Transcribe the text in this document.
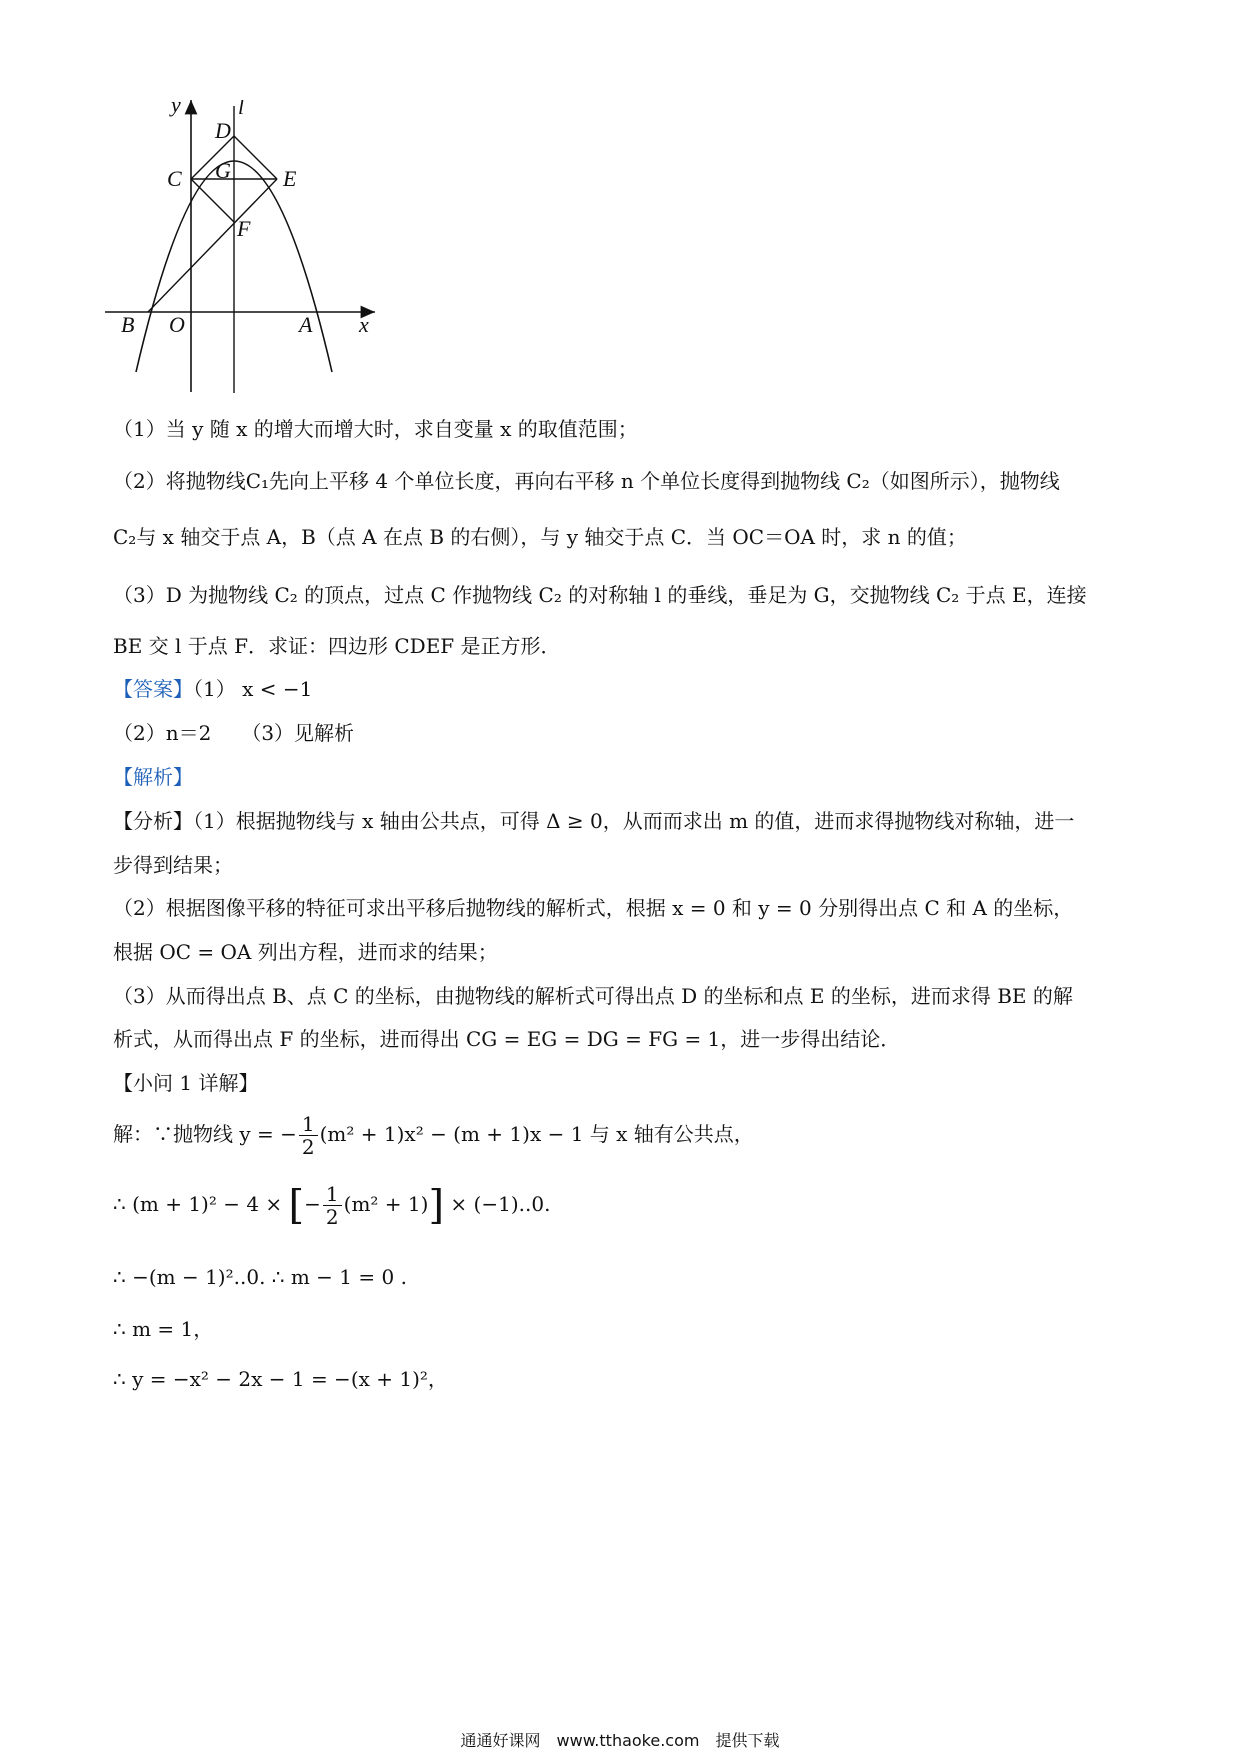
y	l
D
C G E
F
B O	A x
（1）当 y 随 x 的增大而增大时，求自变量 x 的取值范围；
（2）将抛物线C₁先向上平移 4 个单位长度，再向右平移 n 个单位长度得到抛物线 C₂（如图所示），抛物线
C₂与 x 轴交于点 A，B（点 A 在点 B 的右侧），与 y 轴交于点 C．当 OC＝OA 时，求 n 的值；
（3）D 为抛物线 C₂ 的顶点，过点 C 作抛物线 C₂ 的对称轴 l 的垂线，垂足为 G，交抛物线 C₂ 于点 E，连接
BE 交 l 于点 F．求证：四边形 CDEF 是正方形．
【答案】（1） x < −1
（2）n＝2　　（3）见解析
【解析】
【分析】（1）根据抛物线与 x 轴由公共点，可得 Δ ≥ 0，从而而求出 m 的值，进而求得抛物线对称轴，进一
步得到结果；
（2）根据图像平移的特征可求出平移后抛物线的解析式，根据 x = 0 和 y = 0 分别得出点 C 和 A 的坐标，
根据 OC = OA 列出方程，进而求的结果；
（3）从而得出点 B、点 C 的坐标，由抛物线的解析式可得出点 D 的坐标和点 E 的坐标，进而求得 BE 的解
析式，从而得出点 F 的坐标，进而得出 CG = EG = DG = FG = 1，进一步得出结论．
【小问 1 详解】
解：∵抛物线 y = − $\frac{1}{2} (m^2 + 1)x^2 - (m + 1)x - 1$ 与 x 轴有公共点，
∴ (m + 1)² − 4 × [− $\frac{1}{2} (m^2 + 1)] \times (-1)..0$.
∴ −(m − 1)²..0. ∴ m − 1 = 0 .
∴ m = 1，
∴ y = −x² − 2x − 1 = −(x + 1)²，
通通好课网　www.tthaoke.com　提供下载
